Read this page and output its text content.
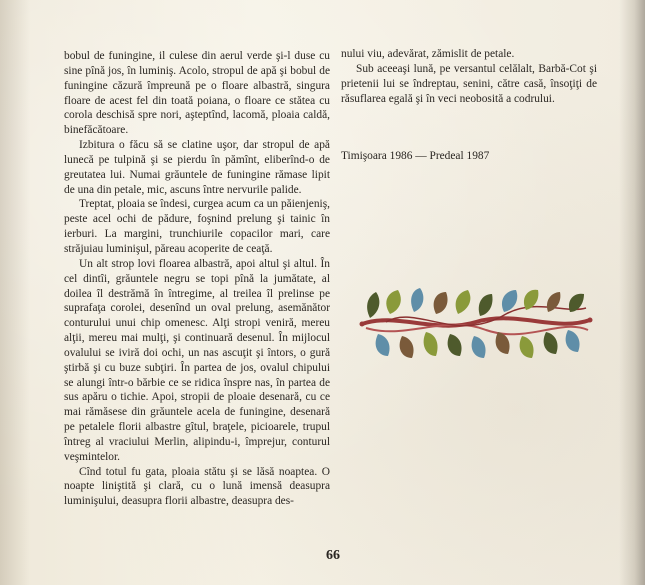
bobul de funingine, il culese din aerul verde şi-l duse cu sine pînă jos, în luminiş. Acolo, stropul de apă şi bobul de funingine căzură împreună pe o floare albastră, singura floare de acest fel din toată poiana, o floare ce stătea cu corola deschisă spre nori, aşteptînd, lacomă, ploaia caldă, binefăcătoare.

Izbitura o făcu să se clatine uşor, dar stropul de apă lunecă pe tulpină şi se pierdu în pămînt, eliberînd-o de greutatea lui. Numai grăuntele de funingine rămase lipit de una din petale, mic, ascuns între nervurile palide.

Treptat, ploaia se îndesi, curgea acum ca un păienjeniş, peste acel ochi de pădure, foşnind prelung şi tainic în ierburi. La margini, trunchiurile copacilor mari, care străjuiau luminişul, păreau acoperite de ceaţă.

Un alt strop lovi floarea albastră, apoi altul şi altul. În cel dintîi, grăuntele negru se topi pînă la jumătate, al doilea îl destrămă în întregime, al treilea îl prelinse pe suprafaţa corolei, desenînd un oval prelung, asemănător conturului unui chip omenesc. Alţi stropi veniră, mereu alţii, mereu mai mulţi, şi continuară desenul. În mijlocul ovalului se iviră doi ochi, un nas ascuţit şi întors, o gură ştirbă şi cu buze subţiri. În partea de jos, ovalul chipului se alungi într-o bărbie ce se ridica înspre nas, în partea de sus apăru o tichie. Apoi, stropii de ploaie desenară, cu ce mai rămăsese din grăuntele acela de funingine, desenară pe petalele florii albastre gîtul, braţele, picioarele, trupul întreg al vraciului Merlin, alipindu-i, împrejur, conturul veşmintelor.

Cînd totul fu gata, ploaia stătu şi se lăsă noaptea. O noapte liniştită şi clară, cu o lună imensă deasupra luminişului, deasupra florii albastre, deasupra des-

nului viu, adevărat, zămislit de petale.

Sub aceeaşi lună, pe versantul celălalt, Barbă-Cot şi prietenii lui se îndreptau, senini, către casă, însoţiţi de răsuflarea egală şi în veci neobosită a codrului.

Timişoara 1986 — Predeal 1987
66
